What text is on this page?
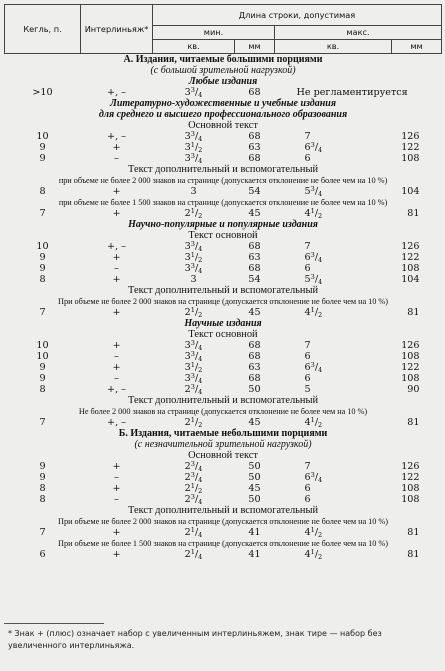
Кегль, п.	Интерлиньяж*	Длина строки, допустимая			
		мин.		макс.	
		кв.	мм	кв.	мм
А. Издания, читаемые большими порциями					
(с большой зрительной нагрузкой)					
Любые издания					
>10	+, –	$3^3/_4$	68	Не регламентируется	
Литературно-художественные и учебные издания					
для среднего и высшего профессионального образования					
Основной текст					
10	+, –	$3^3/_4$	68	7	126
9	+	$3^1/_2$	63	$6^3/_4$	122
9	–	$3^3/_4$	68	6	108
Текст дополнительный и вспомогательный					
при объеме не более 2 000 знаков на странице (допускается отклонение не более чем на 10 %)					
8	+	3	54	$5^3/_4$	104
при объеме не более 1 500 знаков на странице (допускается отклонение не более чем на 10 %)					
7	+	$2^1/_2$	45	$4^1/_2$	81
Научно-популярные и популярные издания					
Текст основной					
10	+, –	$3^3/_4$	68	7	126
9	+	$3^1/_2$	63	$6^3/_4$	122
9	–	$3^3/_4$	68	6	108
8	+	3	54	$5^3/_4$	104
Текст дополнительный и вспомогательный					
При объеме не более 2 000 знаков на странице (допускается отклонение не более чем на 10 %)					
7	+	$2^1/_2$	45	$4^1/_2$	81
Научные издания					
Текст основной					
10	+	$3^3/_4$	68	7	126
10	–	$3^3/_4$	68	6	108
9	+	$3^1/_2$	63	$6^3/_4$	122
9	–	$3^3/_4$	68	6	108
8	+, –	$2^3/_4$	50	5	90
Текст дополнительный и вспомогательный					
Не более 2 000 знаков на странице (допускается отклонение не более чем на 10 %)					
7	+, –	$2^1/_2$	45	$4^1/_2$	81
Б. Издания, читаемые небольшими порциями					
(с незначительной зрительной нагрузкой)					
Основной текст					
9	+	$2^3/_4$	50	7	126
9	–	$2^3/_4$	50	$6^3/_4$	122
8	+	$2^1/_2$	45	6	108
8	–	$2^3/_4$	50	6	108
Текст дополнительный и вспомогательный					
При объеме не более 2 000 знаков на странице (допускается отклонение не более чем на 10 %)					
7	+	$2^1/_4$	41	$4^1/_2$	81
При объеме не более 1 500 знаков на странице (допускается отклонение не более чем на 10 %)					
6	+	$2^1/_4$	41	$4^1/_2$	81
* Знак + (плюс) означает набор с увеличенным интерлиньяжем, знак тире — набор без увеличенного интерлиньяжа.
